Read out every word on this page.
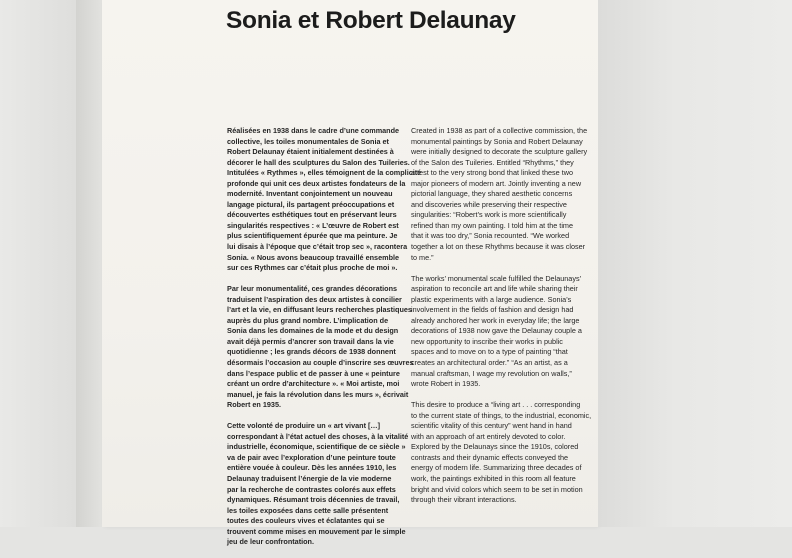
Sonia et Robert Delaunay

Réalisées en 1938 dans le cadre d’une commande
collective, les toiles monumentales de Sonia et
Robert Delaunay étaient initialement destinées à
décorer le hall des sculptures du Salon des Tuileries.
Intitulées « Rythmes », elles témoignent de la complicité
profonde qui unit ces deux artistes fondateurs de la
modernité. Inventant conjointement un nouveau
langage pictural, ils partagent préoccupations et
découvertes esthétiques tout en préservant leurs
singularités respectives : « L’œuvre de Robert est
plus scientifiquement épurée que ma peinture. Je
lui disais à l’époque que c’était trop sec », racontera
Sonia. « Nous avons beaucoup travaillé ensemble
sur ces Rythmes car c’était plus proche de moi ».

Par leur monumentalité, ces grandes décorations
traduisent l’aspiration des deux artistes à concilier
l’art et la vie, en diffusant leurs recherches plastiques
auprès du plus grand nombre. L’implication de
Sonia dans les domaines de la mode et du design
avait déjà permis d’ancrer son travail dans la vie
quotidienne ; les grands décors de 1938 donnent
désormais l’occasion au couple d’inscrire ses œuvres
dans l’espace public et de passer à une « peinture
créant un ordre d’architecture ». « Moi artiste, moi
manuel, je fais la révolution dans les murs », écrivait
Robert en 1935.

Cette volonté de produire un « art vivant […]
correspondant à l’état actuel des choses, à la vitalité
industrielle, économique, scientifique de ce siècle »
va de pair avec l’exploration d’une peinture toute
entière vouée à couleur. Dès les années 1910, les
Delaunay traduisent l’énergie de la vie moderne
par la recherche de contrastes colorés aux effets
dynamiques. Résumant trois décennies de travail,
les toiles exposées dans cette salle présentent
toutes des couleurs vives et éclatantes qui se
trouvent comme mises en mouvement par le simple
jeu de leur confrontation.

Created in 1938 as part of a collective commission, the
monumental paintings by Sonia and Robert Delaunay
were initially designed to decorate the sculpture gallery
of the Salon des Tuileries. Entitled “Rhythms,” they
attest to the very strong bond that linked these two
major pioneers of modern art. Jointly inventing a new
pictorial language, they shared aesthetic concerns
and discoveries while preserving their respective
singularities: “Robert’s work is more scientifically
refined than my own painting. I told him at the time
that it was too dry,” Sonia recounted. “We worked
together a lot on these Rhythms because it was closer
to me.”

The works’ monumental scale fulfilled the Delaunays’
aspiration to reconcile art and life while sharing their
plastic experiments with a large audience. Sonia’s
involvement in the fields of fashion and design had
already anchored her work in everyday life; the large
decorations of 1938 now gave the Delaunay couple a
new opportunity to inscribe their works in public
spaces and to move on to a type of painting “that
creates an architectural order.” “As an artist, as a
manual craftsman, I wage my revolution on walls,”
wrote Robert in 1935.

This desire to produce a “living art . . . corresponding
to the current state of things, to the industrial, economic,
scientific vitality of this century” went hand in hand
with an approach of art entirely devoted to color.
Explored by the Delaunays since the 1910s, colored
contrasts and their dynamic effects conveyed the
energy of modern life. Summarizing three decades of
work, the paintings exhibited in this room all feature
bright and vivid colors which seem to be set in motion
through their vibrant interactions.
